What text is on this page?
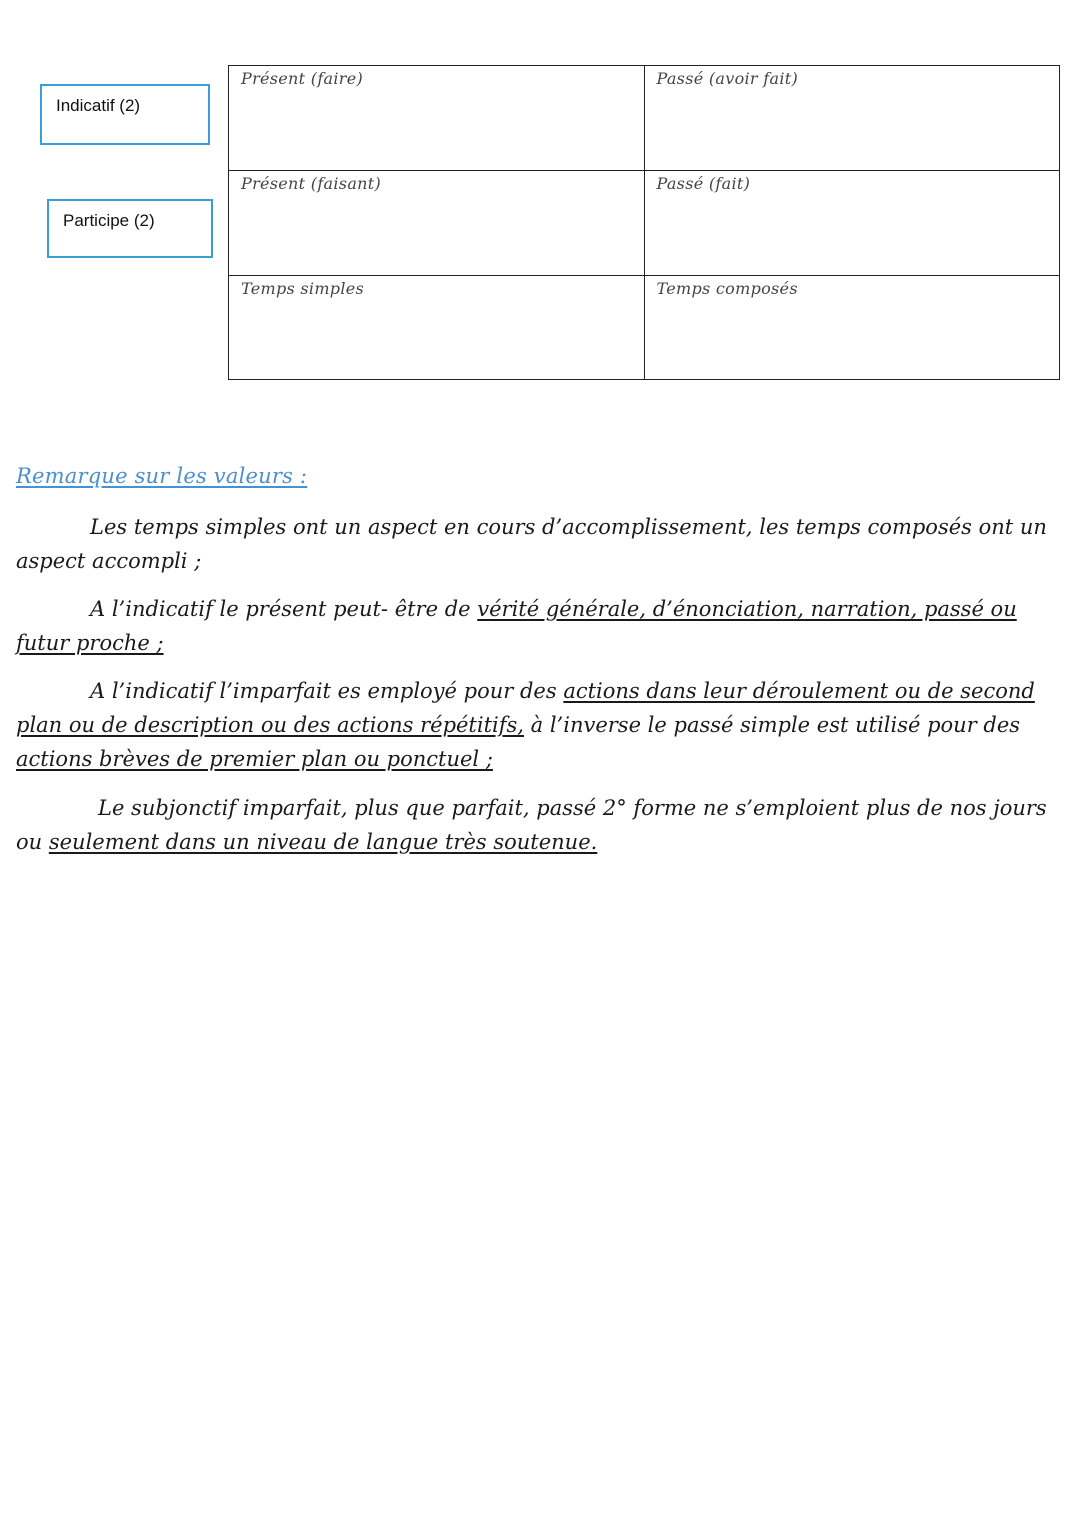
Indicatif (2)
Participe (2)
Présent (faire)	Passé (avoir fait)
Présent (faisant)	Passé (fait)
Temps simples	Temps composés
Remarque sur les valeurs :

Les temps simples ont un aspect en cours d’accomplissement, les temps composés ont un aspect accompli ;

A l’indicatif le présent peut- être de vérité générale, d’énonciation, narration, passé ou futur proche ;

A l’indicatif l’imparfait es employé pour des actions dans leur déroulement ou de second plan ou de description ou des actions répétitifs, à l’inverse le passé simple est utilisé pour des actions brèves de premier plan ou ponctuel ;

Le subjonctif imparfait, plus que parfait, passé 2° forme ne s’emploient plus de nos jours ou seulement dans un niveau de langue très soutenue.
